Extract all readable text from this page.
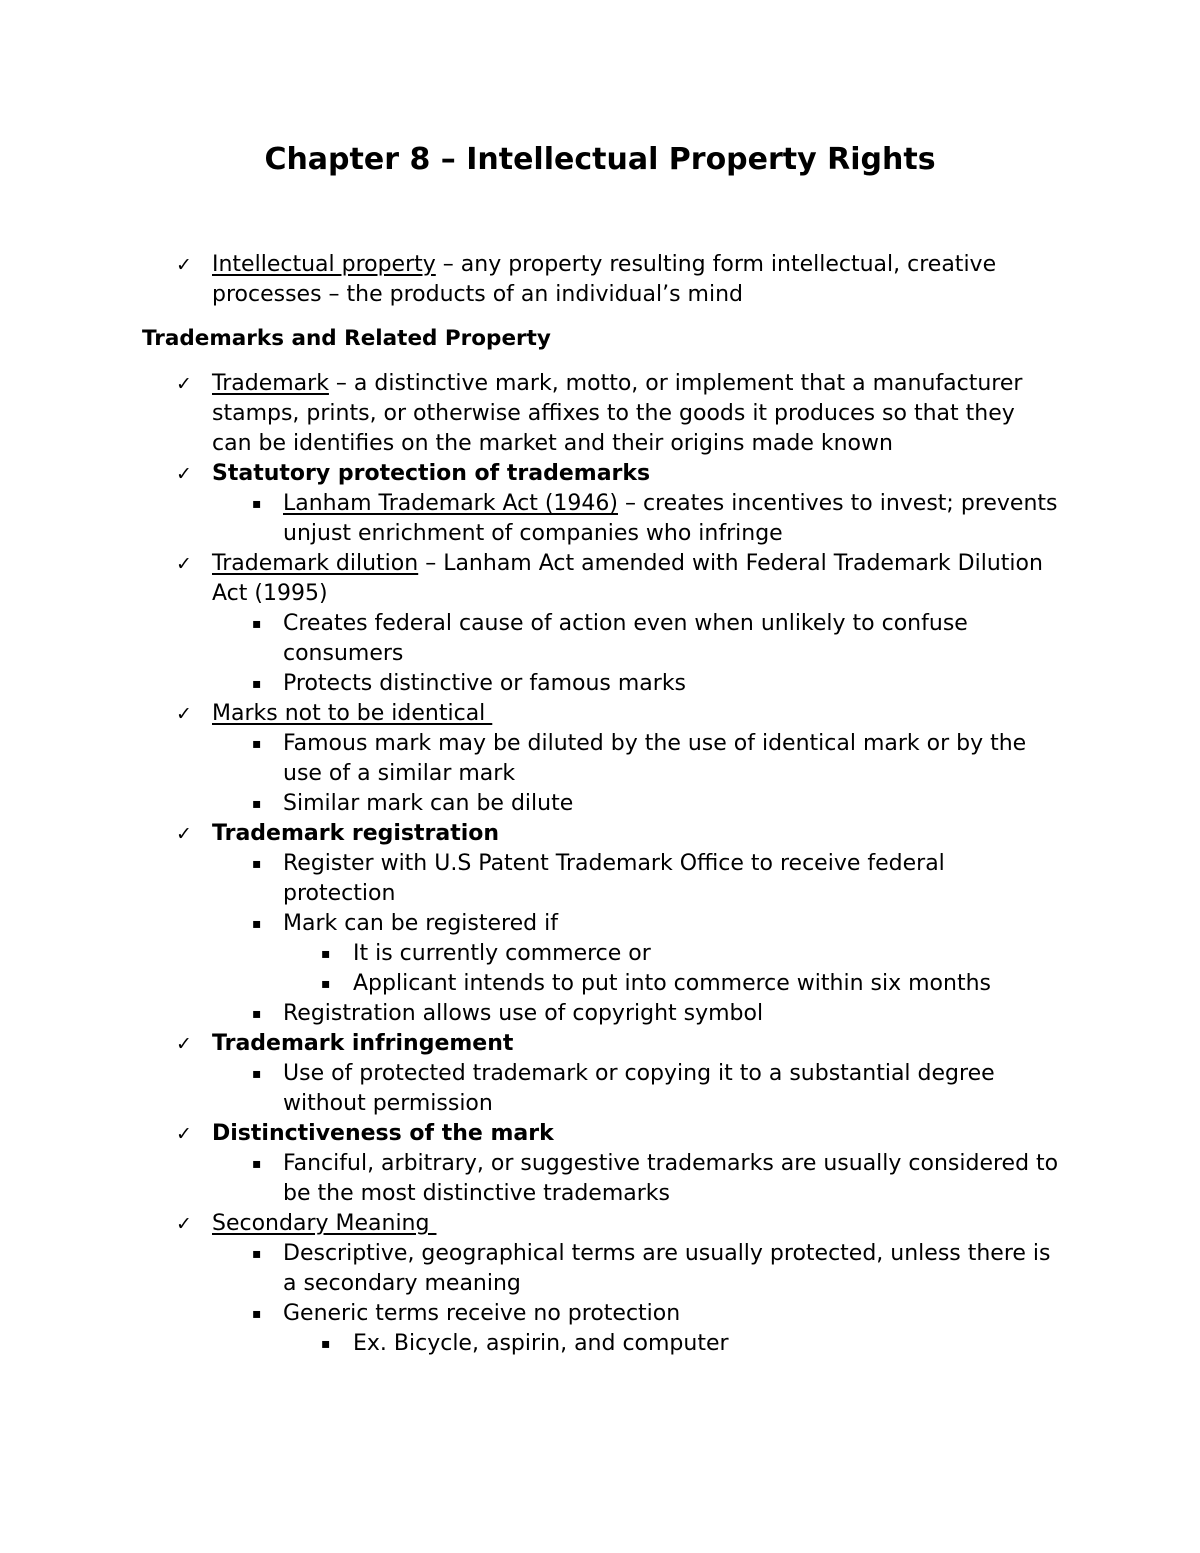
Chapter 8 – Intellectual Property Rights
✓ Intellectual property – any property resulting form intellectual, creative processes – the products of an individual’s mind
Trademarks and Related Property
✓ Trademark – a distinctive mark, motto, or implement that a manufacturer stamps, prints, or otherwise affixes to the goods it produces so that they can be identifies on the market and their origins made known
✓ Statutory protection of trademarks
▪ Lanham Trademark Act (1946) – creates incentives to invest; prevents unjust enrichment of companies who infringe
✓ Trademark dilution – Lanham Act amended with Federal Trademark Dilution Act (1995)
▪ Creates federal cause of action even when unlikely to confuse consumers
▪ Protects distinctive or famous marks
✓ Marks not to be identical
▪ Famous mark may be diluted by the use of identical mark or by the use of a similar mark
▪ Similar mark can be dilute
✓ Trademark registration
▪ Register with U.S Patent Trademark Office to receive federal protection
▪ Mark can be registered if
▪ It is currently commerce or
▪ Applicant intends to put into commerce within six months
▪ Registration allows use of copyright symbol
✓ Trademark infringement
▪ Use of protected trademark or copying it to a substantial degree without permission
✓ Distinctiveness of the mark
▪ Fanciful, arbitrary, or suggestive trademarks are usually considered to be the most distinctive trademarks
✓ Secondary Meaning
▪ Descriptive, geographical terms are usually protected, unless there is a secondary meaning
▪ Generic terms receive no protection
▪ Ex. Bicycle, aspirin, and computer
